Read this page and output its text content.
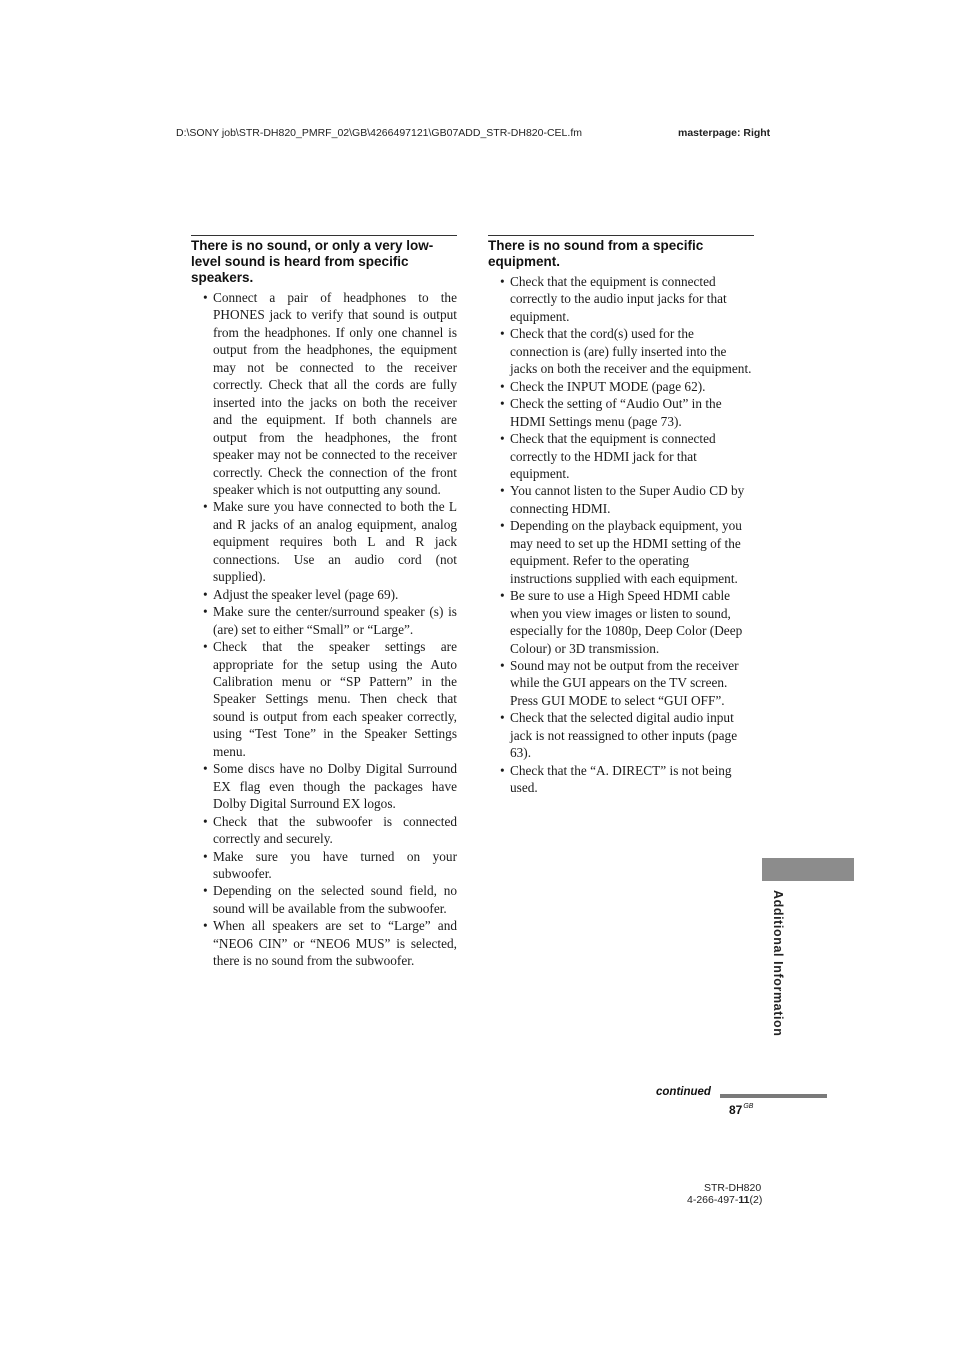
D:\SONY job\STR-DH820_PMRF_02\GB\4266497121\GB07ADD_STR-DH820-CEL.fm	masterpage: Right
There is no sound, or only a very low-level sound is heard from specific speakers.
• Connect a pair of headphones to the PHONES jack to verify that sound is output from the headphones. If only one channel is output from the headphones, the equipment may not be connected to the receiver correctly. Check that all the cords are fully inserted into the jacks on both the receiver and the equipment. If both channels are output from the headphones, the front speaker may not be connected to the receiver correctly. Check the connection of the front speaker which is not outputting any sound.
• Make sure you have connected to both the L and R jacks of an analog equipment, analog equipment requires both L and R jack connections. Use an audio cord (not supplied).
• Adjust the speaker level (page 69).
• Make sure the center/surround speaker (s) is (are) set to either “Small” or “Large”.
• Check that the speaker settings are appropriate for the setup using the Auto Calibration menu or “SP Pattern” in the Speaker Settings menu. Then check that sound is output from each speaker correctly, using “Test Tone” in the Speaker Settings menu.
• Some discs have no Dolby Digital Surround EX flag even though the packages have Dolby Digital Surround EX logos.
• Check that the subwoofer is connected correctly and securely.
• Make sure you have turned on your subwoofer.
• Depending on the selected sound field, no sound will be available from the subwoofer.
• When all speakers are set to “Large” and “NEO6 CIN” or “NEO6 MUS” is selected, there is no sound from the subwoofer.
There is no sound from a specific equipment.
• Check that the equipment is connected correctly to the audio input jacks for that equipment.
• Check that the cord(s) used for the connection is (are) fully inserted into the jacks on both the receiver and the equipment.
• Check the INPUT MODE (page 62).
• Check the setting of “Audio Out” in the HDMI Settings menu (page 73).
• Check that the equipment is connected correctly to the HDMI jack for that equipment.
• You cannot listen to the Super Audio CD by connecting HDMI.
• Depending on the playback equipment, you may need to set up the HDMI setting of the equipment. Refer to the operating instructions supplied with each equipment.
• Be sure to use a High Speed HDMI cable when you view images or listen to sound, especially for the 1080p, Deep Color (Deep Colour) or 3D transmission.
• Sound may not be output from the receiver while the GUI appears on the TV screen. Press GUI MODE to select “GUI OFF”.
• Check that the selected digital audio input jack is not reassigned to other inputs (page 63).
• Check that the “A. DIRECT” is not being used.
Additional Information
continued
$87^{GB}$
STR-DH820
4-266-497-11(2)
